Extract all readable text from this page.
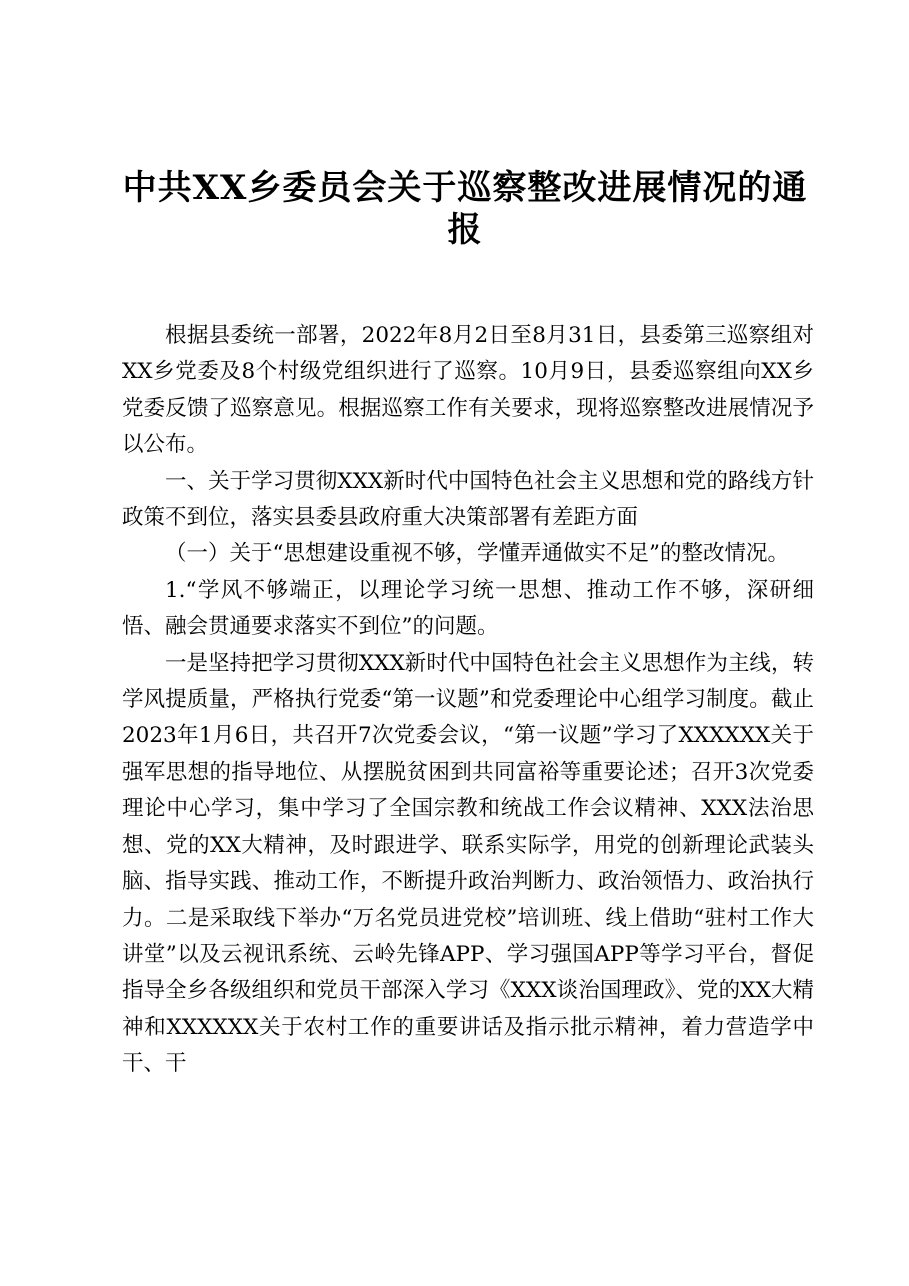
中共XX乡委员会关于巡察整改进展情况的通
报

根据县委统一部署，2022年8月2日至8月31日，县委第三巡察组对XX乡党委及8个村级党组织进行了巡察。10月9日，县委巡察组向XX乡党委反馈了巡察意见。根据巡察工作有关要求，现将巡察整改进展情况予以公布。

一、关于学习贯彻XXX新时代中国特色社会主义思想和党的路线方针政策不到位，落实县委县政府重大决策部署有差距方面

（一）关于“思想建设重视不够，学懂弄通做实不足”的整改情况。

1.“学风不够端正，以理论学习统一思想、推动工作不够，深研细悟、融会贯通要求落实不到位”的问题。

一是坚持把学习贯彻XXX新时代中国特色社会主义思想作为主线，转学风提质量，严格执行党委“第一议题”和党委理论中心组学习制度。截止2023年1月6日，共召开7次党委会议，“第一议题”学习了XXXXXX关于强军思想的指导地位、从摆脱贫困到共同富裕等重要论述；召开3次党委理论中心学习，集中学习了全国宗教和统战工作会议精神、XXX法治思想、党的XX大精神，及时跟进学、联系实际学，用党的创新理论武装头脑、指导实践、推动工作，不断提升政治判断力、政治领悟力、政治执行力。二是采取线下举办“万名党员进党校”培训班、线上借助“驻村工作大讲堂”以及云视讯系统、云岭先锋APP、学习强国APP等学习平台，督促指导全乡各级组织和党员干部深入学习《XXX谈治国理政》、党的XX大精神和XXXXXX关于农村工作的重要讲话及指示批示精神，着力营造学中干、干
